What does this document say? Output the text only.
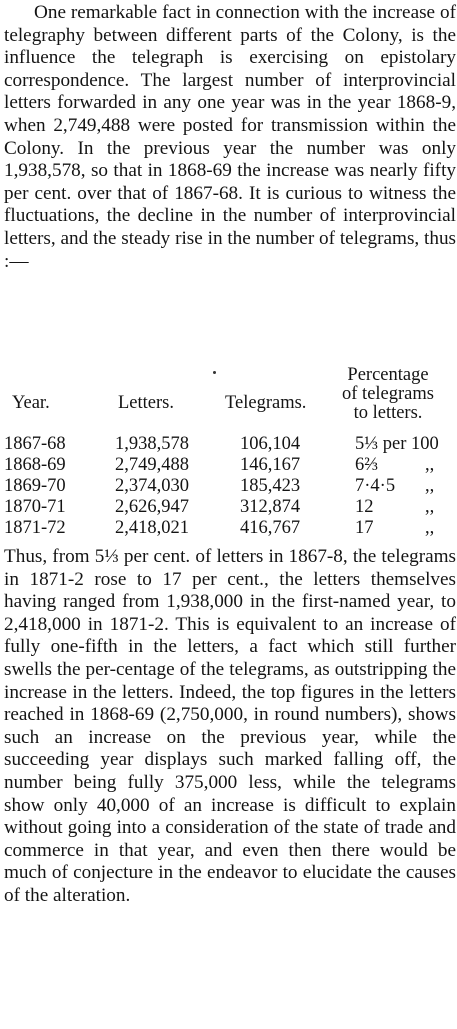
One remarkable fact in connection with the increase of telegraphy between different parts of the Colony, is the influence the telegraph is exercising on epistolary correspondence. The largest number of interprovincial letters forwarded in any one year was in the year 1868-9, when 2,749,488 were posted for transmission within the Colony. In the previous year the number was only 1,938,578, so that in 1868-69 the increase was nearly fifty per cent. over that of 1867-68. It is curious to witness the fluctuations, the decline in the number of interprovincial letters, and the steady rise in the number of telegrams, thus :—

Percentage
of telegrams
to letters.
Year.	Letters.	Telegrams.
1867-68	1,938,578	106,104	5⅓ per 100
1868-69	2,749,488	146,167	6⅔	,,
1869-70	2,374,030	185,423	7·4·5 ,,
1870-71	2,626,947	312,874	12	,,
1871-72	2,418,021	416,767	17	,,

Thus, from 5⅓ per cent. of letters in 1867-8, the telegrams in 1871-2 rose to 17 per cent., the letters themselves having ranged from 1,938,000 in the first-named year, to 2,418,000 in 1871-2. This is equivalent to an increase of fully one-fifth in the letters, a fact which still further swells the per-centage of the telegrams, as outstripping the increase in the letters. Indeed, the top figures in the letters reached in 1868-69 (2,750,000, in round numbers), shows such an increase on the previous year, while the succeeding year displays such marked falling off, the number being fully 375,000 less, while the telegrams show only 40,000 of an increase is difficult to explain without going into a consideration of the state of trade and commerce in that year, and even then there would be much of conjecture in the endeavor to elucidate the causes of the alteration.
